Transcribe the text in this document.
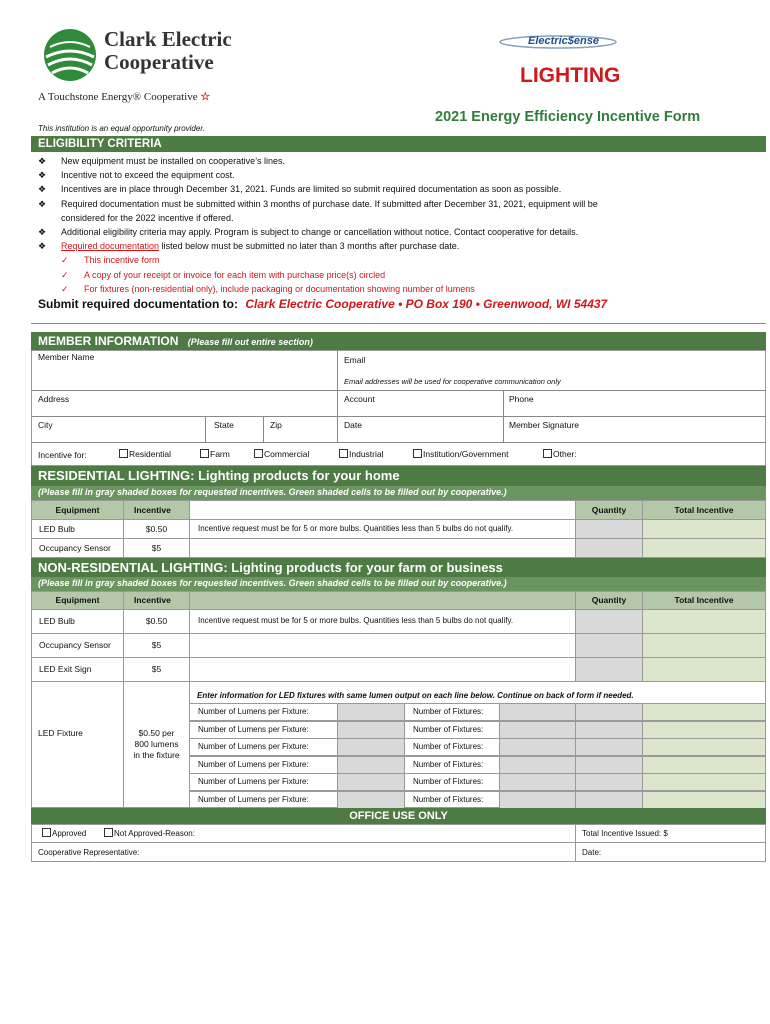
Clark Electric
Cooperative
A Touchstone Energy® Cooperative ☆
Electric$ense
LIGHTING
2021 Energy Efficiency Incentive Form
This institution is an equal opportunity provider.
ELIGIBILITY CRITERIA
❖	New equipment must be installed on cooperative’s lines.
❖	Incentive not to exceed the equipment cost.
❖	Incentives are in place through December 31, 2021. Funds are limited so submit required documentation as soon as possible.
❖	Required documentation must be submitted within 3 months of purchase date. If submitted after December 31, 2021, equipment will be
considered for the 2022 incentive if offered.
❖	Additional eligibility criteria may apply. Program is subject to change or cancellation without notice. Contact cooperative for details.
❖	Required documentation listed below must be submitted no later than 3 months after purchase date.
✓	This incentive form
✓	A copy of your receipt or invoice for each item with purchase price(s) circled
✓	For fixtures (non-residential only), include packaging or documentation showing number of lumens
Submit required documentation to: Clark Electric Cooperative • PO Box 190 • Greenwood, WI 54437
MEMBER INFORMATION (Please fill out entire section)
Member Name	Email
Email addresses will be used for cooperative communication only
Address	Account	Phone
City	State	Zip	Date	Member Signature
Incentive for:	Residential	Farm	Commercial	Industrial	Institution/Government	Other:
RESIDENTIAL LIGHTING: Lighting products for your home
(Please fill in gray shaded boxes for requested incentives. Green shaded cells to be filled out by cooperative.)
Equipment	Incentive	Quantity	Total Incentive
LED Bulb	$0.50	Incentive request must be for 5 or more bulbs. Quantities less than 5 bulbs do not qualify.
Occupancy Sensor	$5
NON-RESIDENTIAL LIGHTING: Lighting products for your farm or business
(Please fill in gray shaded boxes for requested incentives. Green shaded cells to be filled out by cooperative.)
Equipment	Incentive	Quantity	Total Incentive
LED Bulb	$0.50	Incentive request must be for 5 or more bulbs. Quantities less than 5 bulbs do not qualify.
Occupancy Sensor	$5
LED Exit Sign	$5
LED Fixture	$0.50 per
800 lumens
in the fixture
Enter information for LED fixtures with same lumen output on each line below. Continue on back of form if needed.
Number of Lumens per Fixture:	Number of Fixtures:
Number of Lumens per Fixture:	Number of Fixtures:
Number of Lumens per Fixture:	Number of Fixtures:
Number of Lumens per Fixture:	Number of Fixtures:
Number of Lumens per Fixture:	Number of Fixtures:
Number of Lumens per Fixture:	Number of Fixtures:
OFFICE USE ONLY
Approved	Not Approved-Reason:	Total Incentive Issued: $
Cooperative Representative:	Date:
